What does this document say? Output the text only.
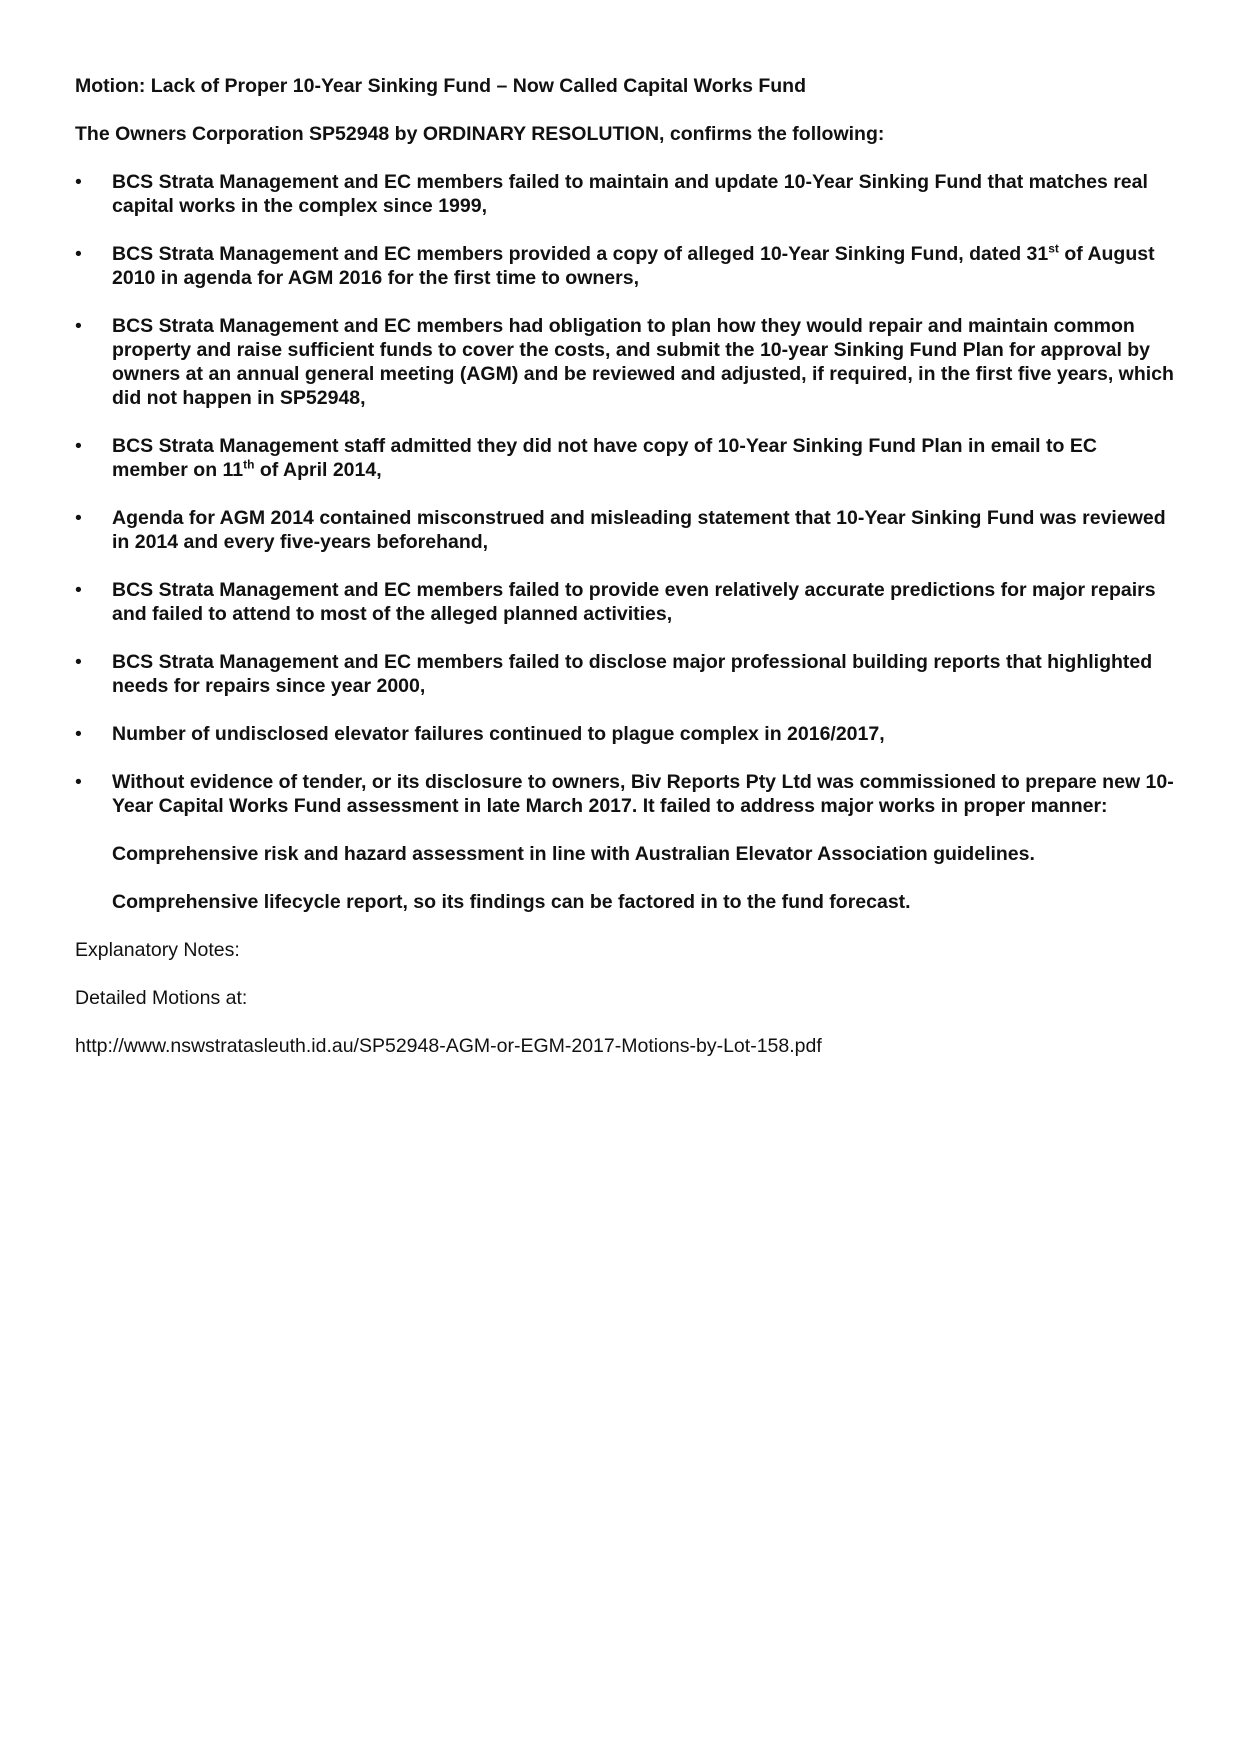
Motion: Lack of Proper 10-Year Sinking Fund – Now Called Capital Works Fund

The Owners Corporation SP52948 by ORDINARY RESOLUTION, confirms the following:

• BCS Strata Management and EC members failed to maintain and update 10-Year Sinking Fund that matches real capital works in the complex since 1999,
• BCS Strata Management and EC members provided a copy of alleged 10-Year Sinking Fund, dated 31st of August 2010 in agenda for AGM 2016 for the first time to owners,
• BCS Strata Management and EC members had obligation to plan how they would repair and maintain common property and raise sufficient funds to cover the costs, and submit the 10-year Sinking Fund Plan for approval by owners at an annual general meeting (AGM) and be reviewed and adjusted, if required, in the first five years, which did not happen in SP52948,
• BCS Strata Management staff admitted they did not have copy of 10-Year Sinking Fund Plan in email to EC member on 11th of April 2014,
• Agenda for AGM 2014 contained misconstrued and misleading statement that 10-Year Sinking Fund was reviewed in 2014 and every five-years beforehand,
• BCS Strata Management and EC members failed to provide even relatively accurate predictions for major repairs and failed to attend to most of the alleged planned activities,
• BCS Strata Management and EC members failed to disclose major professional building reports that highlighted needs for repairs since year 2000,
• Number of undisclosed elevator failures continued to plague complex in 2016/2017,
• Without evidence of tender, or its disclosure to owners, Biv Reports Pty Ltd was commissioned to prepare new 10-Year Capital Works Fund assessment in late March 2017. It failed to address major works in proper manner:

Comprehensive risk and hazard assessment in line with Australian Elevator Association guidelines.

Comprehensive lifecycle report, so its findings can be factored in to the fund forecast.

Explanatory Notes:

Detailed Motions at:

http://www.nswstratasleuth.id.au/SP52948-AGM-or-EGM-2017-Motions-by-Lot-158.pdf
